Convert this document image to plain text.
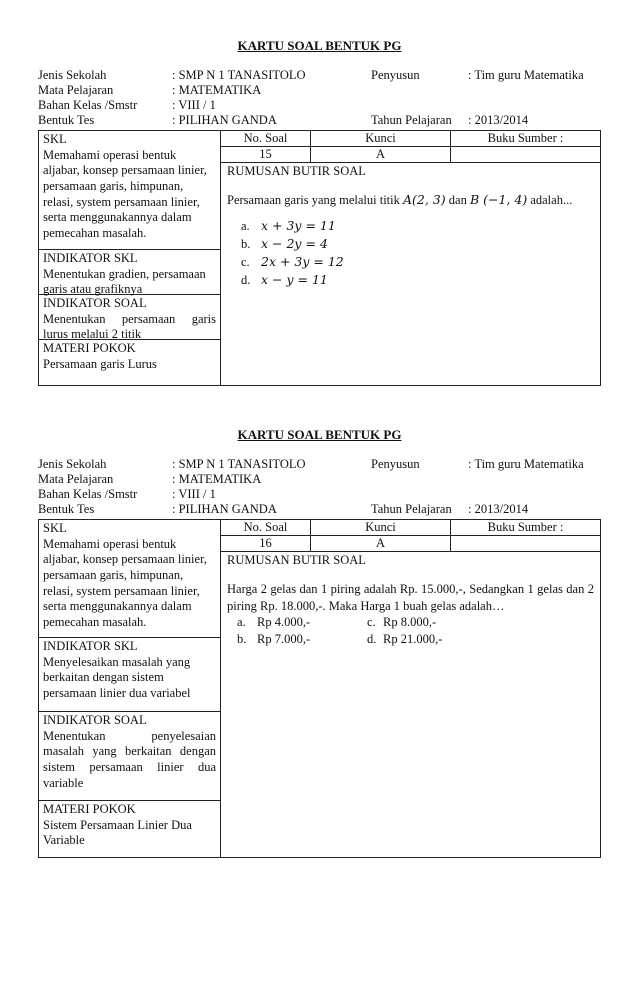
KARTU SOAL BENTUK PG
Jenis Sekolah	: SMP N 1 TANASITOLO	Penyusun	: Tim guru Matematika
Mata Pelajaran	: MATEMATIKA
Bahan Kelas /Smstr	: VIII / 1
Bentuk Tes	: PILIHAN GANDA	Tahun Pelajaran : 2013/2014
SKL
Memahami operasi bentuk aljabar, konsep persamaan linier, persamaan garis, himpunan, relasi, system persamaan linier, serta menggunakannya dalam pemecahan masalah.
INDIKATOR SKL
Menentukan gradien, persamaan garis atau grafiknya
INDIKATOR SOAL
Menentukan persamaan garis lurus melalui 2 titik
MATERI POKOK
Persamaan garis Lurus
No. Soal	Kunci	Buku Sumber :
15	A
RUMUSAN BUTIR SOAL
Persamaan garis yang melalui titik A(2, 3) dan B (−1, 4) adalah...
a. x + 3y = 11
b. x − 2y = 4
c. 2x + 3y = 12
d. x − y = 11
KARTU SOAL BENTUK PG
Jenis Sekolah	: SMP N 1 TANASITOLO	Penyusun	: Tim guru Matematika
Mata Pelajaran	: MATEMATIKA
Bahan Kelas /Smstr	: VIII / 1
Bentuk Tes	: PILIHAN GANDA	Tahun Pelajaran : 2013/2014
SKL
Memahami operasi bentuk aljabar, konsep persamaan linier, persamaan garis, himpunan, relasi, system persamaan linier, serta menggunakannya dalam pemecahan masalah.
INDIKATOR SKL
Menyelesaikan masalah yang berkaitan dengan sistem persamaan linier dua variabel
INDIKATOR SOAL
Menentukan penyelesaian masalah yang berkaitan dengan sistem persamaan linier dua variable
MATERI POKOK
Sistem Persamaan Linier Dua Variable
No. Soal	Kunci	Buku Sumber :
16	A
RUMUSAN BUTIR SOAL
Harga 2 gelas dan 1 piring adalah Rp. 15.000,-, Sedangkan 1 gelas dan 2 piring Rp. 18.000,-. Maka Harga 1 buah gelas adalah…
a. Rp 4.000,-	c. Rp 8.000,-
b. Rp 7.000,-	d. Rp 21.000,-
